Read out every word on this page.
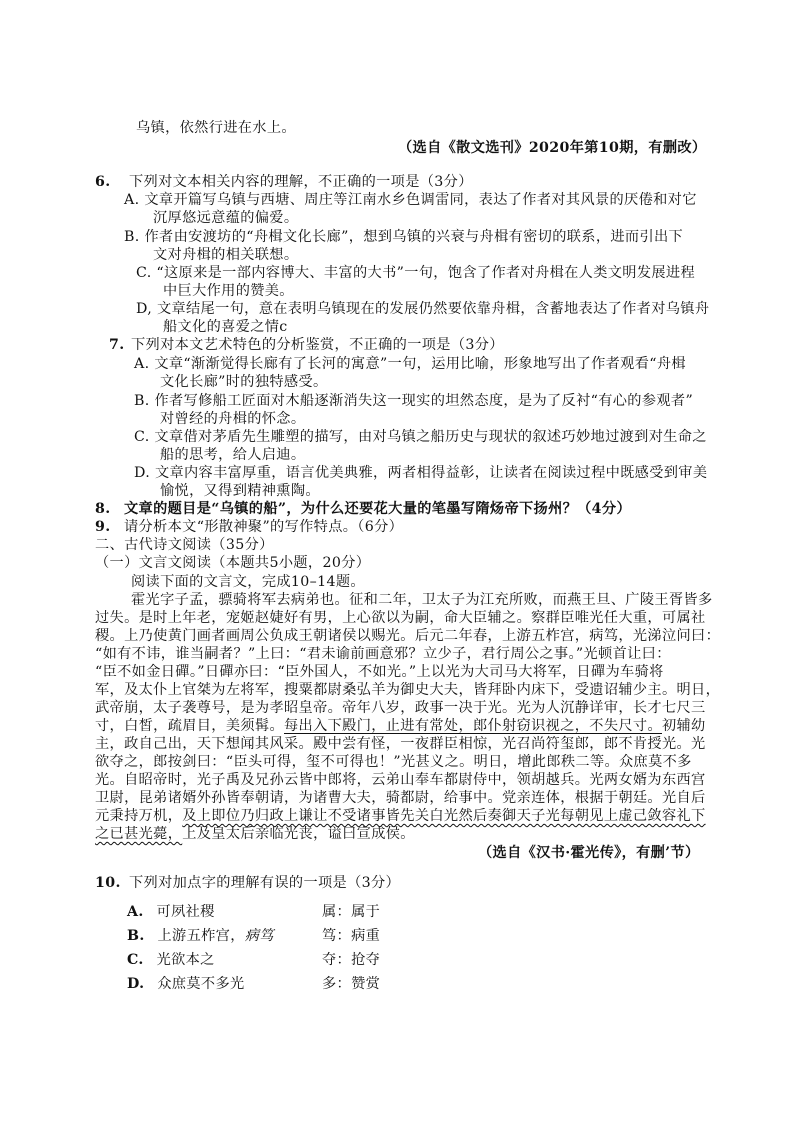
乌镇，依然行进在水上。
（选自《散文选刊》2020年第10期，有删改）
6. 下列对文本相关内容的理解，不正确的一项是（3分）
A. 文章开篇写乌镇与西塘、周庄等江南水乡色调雷同，表达了作者对其风景的厌倦和对它
沉厚悠远意蕴的偏爱。
B. 作者由安渡坊的“舟楫文化长廊”，想到乌镇的兴衰与舟楫有密切的联系，进而引出下
文对舟楫的相关联想。
C. “这原来是一部内容博大、丰富的大书”一句，饱含了作者对舟楫在人类文明发展进程
中巨大作用的赞美。
D, 文章结尾一句，意在表明乌镇现在的发展仍然要依靠舟楫，含蓄地表达了作者对乌镇舟
船文化的喜爱之情c
7. 下列对本文艺术特色的分析鉴赏，不正确的一项是（3分）
A. 文章“渐渐觉得长廊有了长河的寓意”一句，运用比喻，形象地写出了作者观看“舟楫
文化长廊”时的独特感受。
B. 作者写修船工匠面对木船逐渐消失这一现实的坦然态度，是为了反衬“有心的参观者”
对曾经的舟楫的怀念。
C. 文章借对茅盾先生雕塑的描写，由对乌镇之船历史与现状的叙述巧妙地过渡到对生命之
船的思考，给人启迪。
D. 文章内容丰富厚重，语言优美典雅，两者相得益彰，让读者在阅读过程中既感受到审美
愉悦，又得到精神熏陶。
8. 文章的题目是“乌镇的船”，为什么还要花大量的笔墨写隋炀帝下扬州？（4分）
9. 请分析本文“形散神聚”的写作特点。（6分）
二、古代诗文阅读（35分）
（一）文言文阅读（本题共5小题，20分）
阅读下面的文言文，完成10–14题。
霍光字子孟，骠骑将军去病弟也。征和二年，卫太子为江充所败，而燕王旦、广陵王胥皆多
过失。是时上年老，宠姬赵婕好有男，上心欲以为嗣，命大臣辅之。察群臣唯光任大重，可属社
稷。上乃使黄门画者画周公负成王朝诸侯以赐光。后元二年春，上游五柞宫，病笃，光涕泣问曰：
“如有不讳，谁当嗣者？”上曰：“君未谕前画意邪？立少子，君行周公之事。”光顿首让曰：
“臣不如金日磾。”日磾亦曰：“臣外国人，不如光。”上以光为大司马大将军，日磾为车骑将
军，及太仆上官桀为左将军，搜粟都尉桑弘羊为御史大夫，皆拜卧内床下，受遗诏辅少主。明日，
武帝崩，太子袭尊号，是为孝昭皇帝。帝年八岁，政事一决于光。光为人沉静详审，长才七尺三
寸，白皙，疏眉目，美须髯。每出入下殿门，止进有常处，郎仆射窃识视之，不失尺寸。初辅幼
主，政自己出，天下想闻其风采。殿中尝有怪，一夜群臣相惊，光召尚符玺郎，郎不肯授光。光
欲夺之，郎按剑曰：“臣头可得，玺不可得也！”光甚义之。明日，增此郎秩二等。众庶莫不多
光。自昭帝时，光子禹及兄孙云皆中郎将，云弟山奉车都尉侍中，领胡越兵。光两女婿为东西宫
卫尉，昆弟诸婿外孙皆奉朝请，为诸曹大夫，骑都尉，给事中。党亲连体，根据于朝廷。光自后
元秉持万机，及上即位乃归政上谦让不受诸事皆先关白光然后奏御天子光每朝见上虚己敛容礼下
之已甚光薨，上及皇太后亲临光丧，谥曰宣成侯。
（选自《汉书·霍光传》，有删’节）
10. 下列对加点字的理解有误的一项是（3分）
A. 可夙社稷	属：属于
B. 上游五柞宫，病笃	笃：病重
C. 光欲本之	夺：抢夺
D. 众庶莫不多光	多：赞赏
